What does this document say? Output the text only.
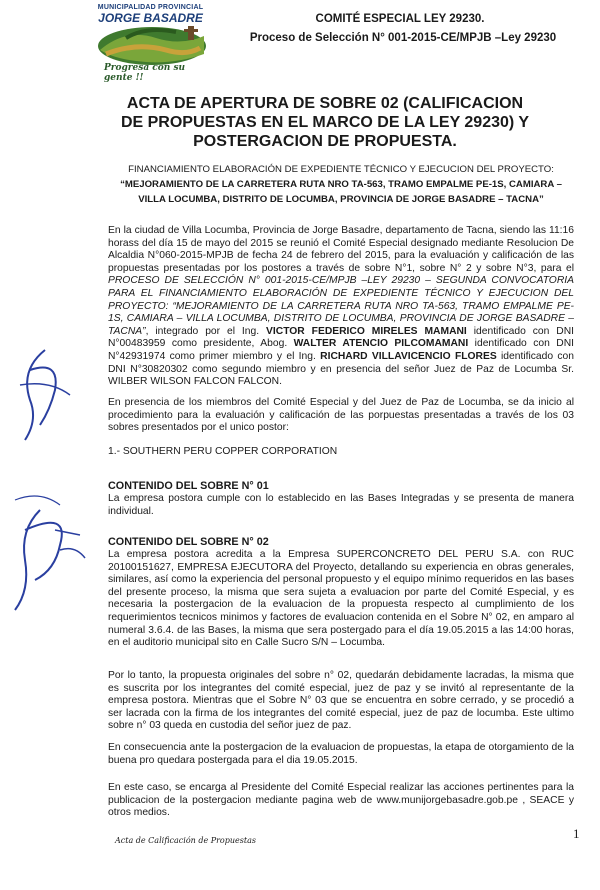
MUNICIPALIDAD PROVINCIAL
JORGE BASADRE
Progresa con su gente !!
COMITÉ ESPECIAL LEY 29230.
Proceso de Selección N° 001-2015-CE/MPJB –Ley 29230
ACTA DE APERTURA DE SOBRE 02 (CALIFICACION DE PROPUESTAS EN EL MARCO DE LA LEY 29230) Y POSTERGACION DE PROPUESTA.
FINANCIAMIENTO ELABORACIÓN DE EXPEDIENTE TÉCNICO Y EJECUCION DEL PROYECTO: “MEJORAMIENTO DE LA CARRETERA RUTA NRO TA-563, TRAMO EMPALME PE-1S, CAMIARA – VILLA LOCUMBA, DISTRITO DE LOCUMBA, PROVINCIA DE JORGE BASADRE – TACNA”
En la ciudad de Villa Locumba, Provincia de Jorge Basadre, departamento de Tacna, siendo las 11:16 horass del día 15 de mayo del 2015 se reunió el Comité Especial designado mediante Resolucion De Alcaldia N°060-2015-MPJB de fecha 24 de febrero del 2015, para la evaluación y calificación de las propuestas presentadas por los postores a través de sobre N°1, sobre N° 2 y sobre N°3, para el PROCESO DE SELECCIÓN N° 001-2015-CE/MPJB –LEY 29230 – SEGUNDA CONVOCATORIA PARA EL FINANCIAMIENTO ELABORACIÓN DE EXPEDIENTE TÉCNICO Y EJECUCION DEL PROYECTO: “MEJORAMIENTO DE LA CARRETERA RUTA NRO TA-563, TRAMO EMPALME PE-1S, CAMIARA – VILLA LOCUMBA, DISTRITO DE LOCUMBA, PROVINCIA DE JORGE BASADRE – TACNA”, integrado por el Ing. VICTOR FEDERICO MIRELES MAMANI identificado con DNI N°00483959 como presidente, Abog. WALTER ATENCIO PILCOMAMANI identificado con DNI N°42931974 como primer miembro y el Ing. RICHARD VILLAVICENCIO FLORES identificado con DNI N°30820302 como segundo miembro y en presencia del señor Juez de Paz de Locumba Sr. WILBER WILSON FALCON FALCON.
En presencia de los miembros del Comité Especial y del Juez de Paz de Locumba, se da inicio al procedimiento para la evaluación y calificación de las porpuestas presentadas a través de los 03 sobres presentados por el unico postor:
1.- SOUTHERN PERU COPPER CORPORATION
CONTENIDO DEL SOBRE N° 01
La empresa postora cumple con lo establecido en las Bases Integradas y se presenta de manera individual.
CONTENIDO DEL SOBRE N° 02
La empresa postora acredita a la Empresa SUPERCONCRETO DEL PERU S.A. con RUC 20100151627, EMPRESA EJECUTORA del Proyecto, detallando su experiencia en obras generales, similares, así como la experiencia del personal propuesto y el equipo mínimo requeridos en las bases del presente proceso, la misma que sera sujeta a evaluacion por parte del Comité Especial, y es necesaria la postergacion de la evaluacion de la propuesta respecto al cumplimiento de los requerimientos tecnicos minimos y factores de evaluacion contenida en el Sobre N° 02, en amparo al numeral 3.6.4. de las Bases, la misma que sera postergado para el día 19.05.2015 a las 14:00 horas, en el auditorio municipal sito en Calle Sucro S/N – Locumba.
Por lo tanto, la propuesta originales del sobre n° 02, quedarán debidamente lacradas, la misma que es suscrita por los integrantes del comité especial, juez de paz y se invitó al representante de la empresa postora. Mientras que el Sobre N° 03 que se encuentra en sobre cerrado, y se procedió a ser lacrada con la firma de los integrantes del comité especial, juez de paz de locumba. Este ultimo sobre n° 03 queda en custodia del señor juez de paz.
En consecuencia ante la postergacion de la evaluacion de propuestas, la etapa de otorgamiento de la buena pro quedara postergada para el dia 19.05.2015.
En este caso, se encarga al Presidente del Comité Especial realizar las acciones pertinentes para la publicacion de la postergacion mediante pagina web de www.munijorgebasadre.gob.pe , SEACE y otros medios.
1
Acta de Calificación de Propuestas
